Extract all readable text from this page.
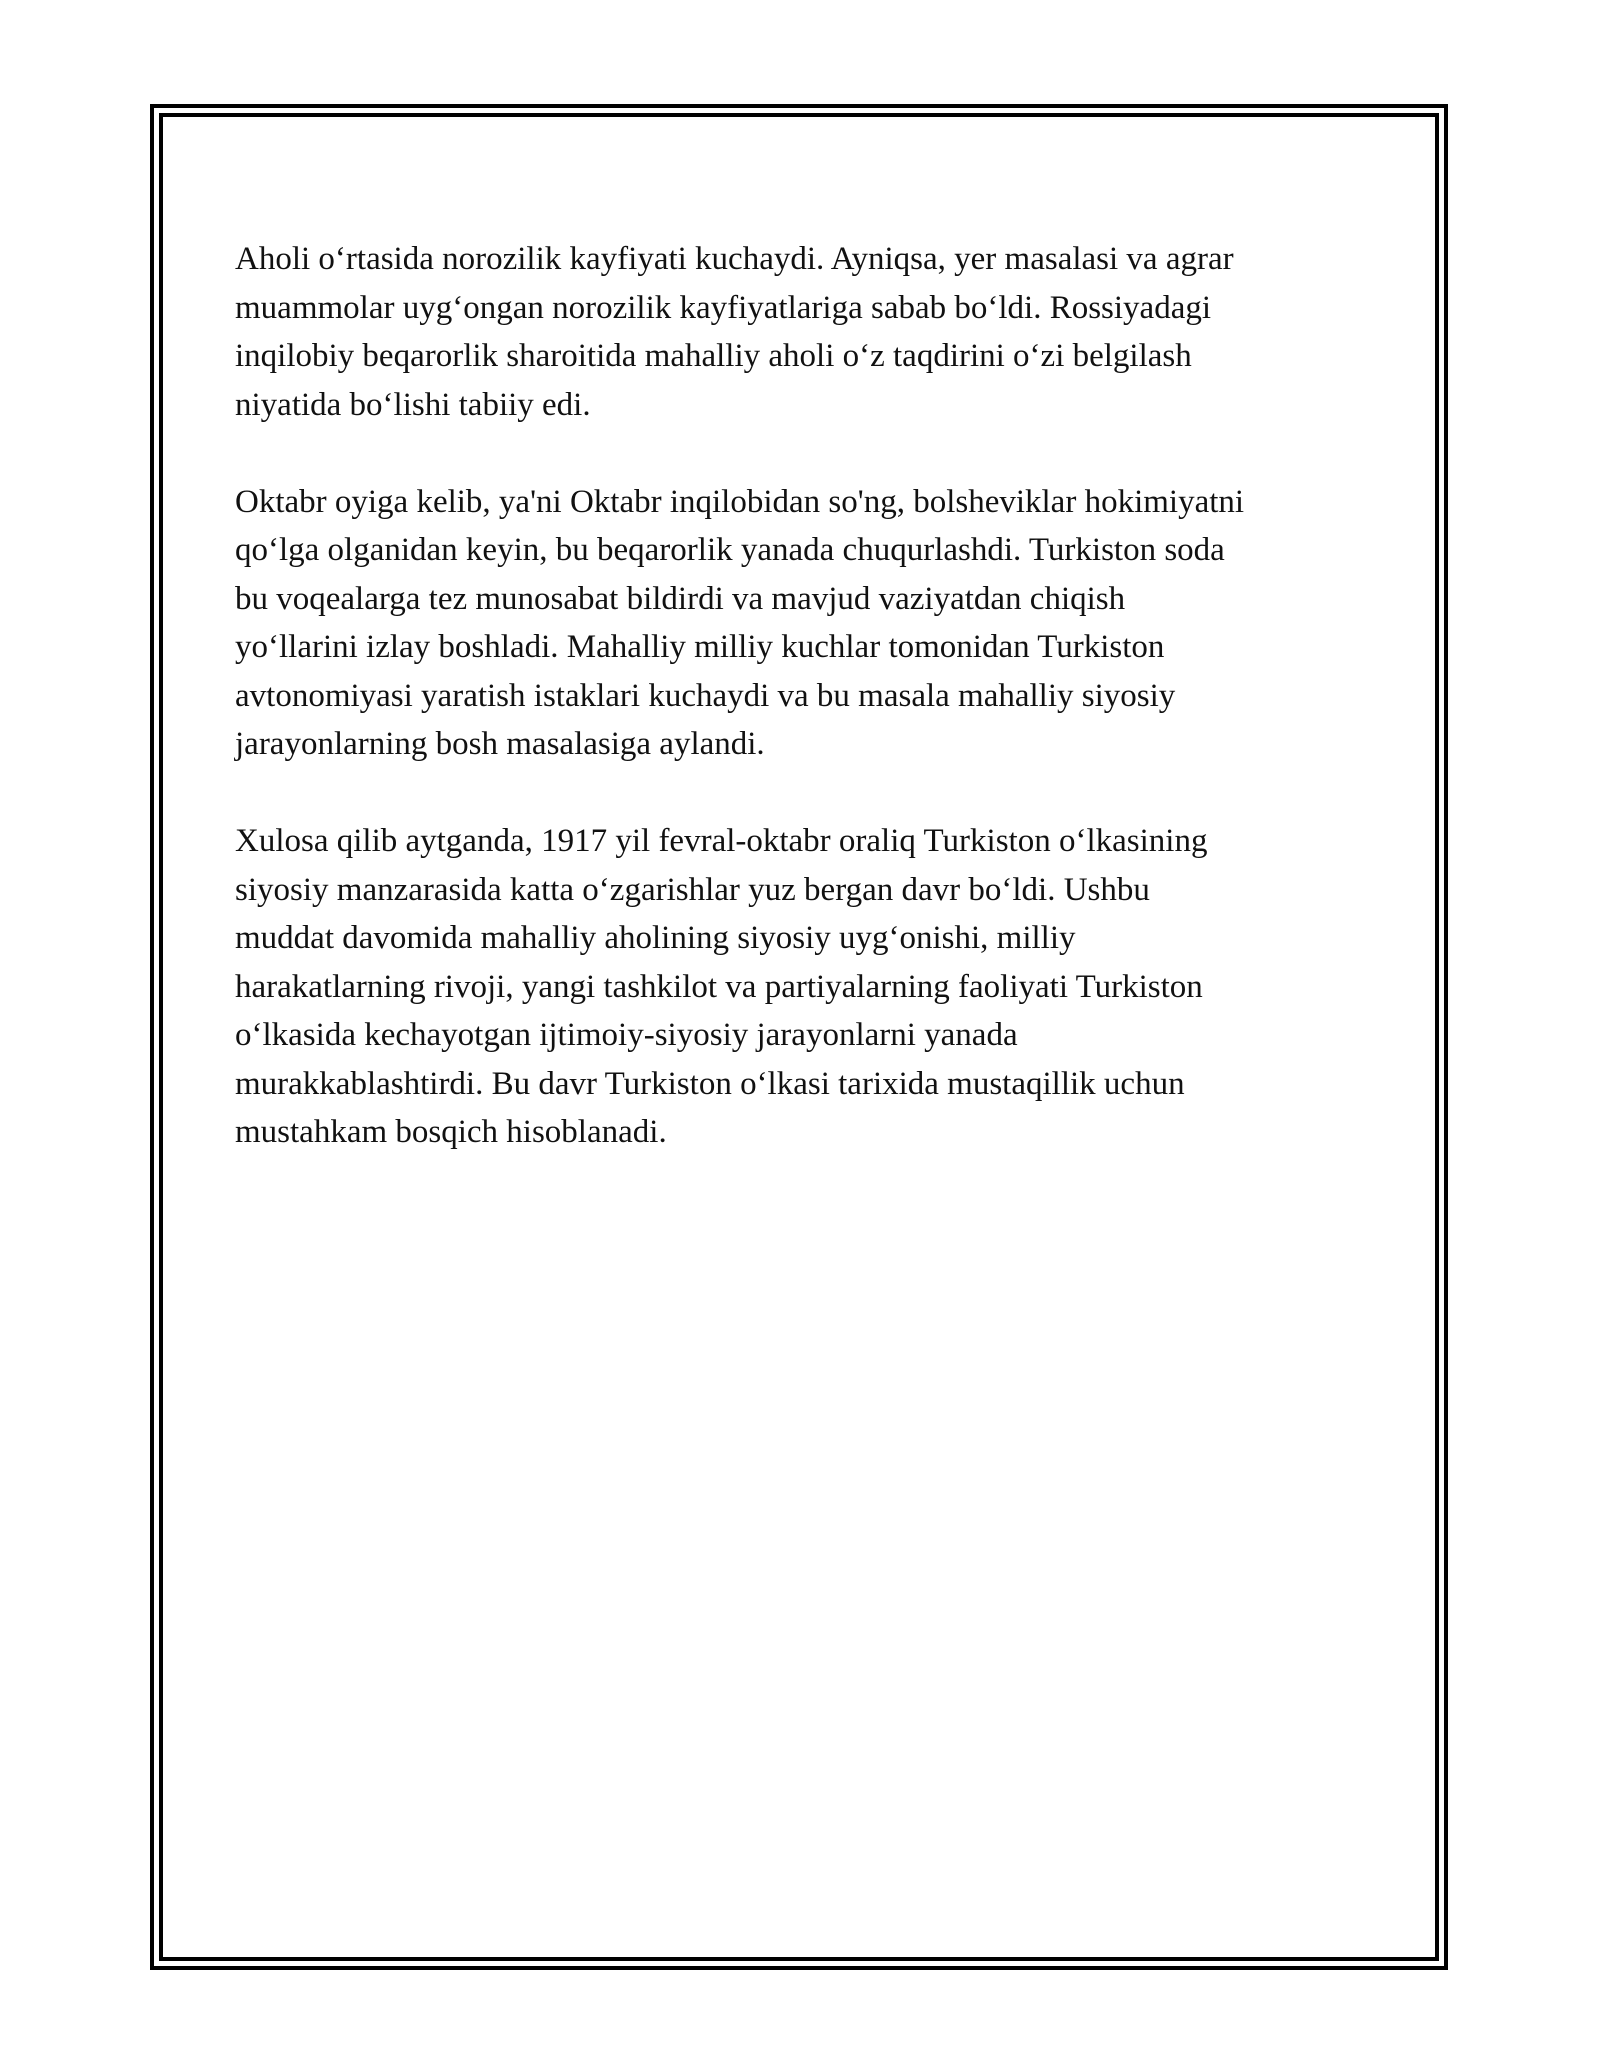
Aholi o‘rtasida norozilik kayfiyati kuchaydi. Ayniqsa, yer masalasi va agrar
muammolar uyg‘ongan norozilik kayfiyatlariga sabab bo‘ldi. Rossiyadagi
inqilobiy beqarorlik sharoitida mahalliy aholi o‘z taqdirini o‘zi belgilash
niyatida bo‘lishi tabiiy edi.

Oktabr oyiga kelib, ya'ni Oktabr inqilobidan so'ng, bolsheviklar hokimiyatni
qo‘lga olganidan keyin, bu beqarorlik yanada chuqurlashdi. Turkiston soda
bu voqealarga tez munosabat bildirdi va mavjud vaziyatdan chiqish
yo‘llarini izlay boshladi. Mahalliy milliy kuchlar tomonidan Turkiston
avtonomiyasi yaratish istaklari kuchaydi va bu masala mahalliy siyosiy
jarayonlarning bosh masalasiga aylandi.

Xulosa qilib aytganda, 1917 yil fevral-oktabr oraliq Turkiston o‘lkasining
siyosiy manzarasida katta o‘zgarishlar yuz bergan davr bo‘ldi. Ushbu
muddat davomida mahalliy aholining siyosiy uyg‘onishi, milliy
harakatlarning rivoji, yangi tashkilot va partiyalarning faoliyati Turkiston
o‘lkasida kechayotgan ijtimoiy-siyosiy jarayonlarni yanada
murakkablashtirdi. Bu davr Turkiston o‘lkasi tarixida mustaqillik uchun
mustahkam bosqich hisoblanadi.
